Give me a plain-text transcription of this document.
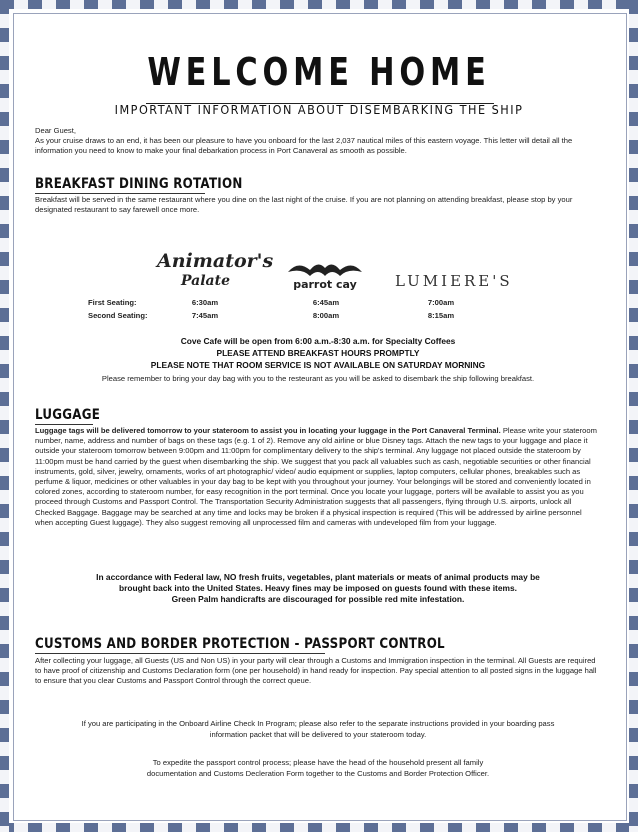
WELCOME HOME
IMPORTANT INFORMATION ABOUT DISEMBARKING THE SHIP
Dear Guest,
As your cruise draws to an end, it has been our pleasure to have you onboard for the last 2,037 nautical miles of this eastern voyage. This letter will detail all the information you need to know to make your final debarkation process in Port Canaveral as smooth as possible.
BREAKFAST DINING ROTATION
Breakfast will be served in the same restaurant where you dine on the last night of the cruise. If you are not planning on attending breakfast, please stop by your designated restaurant to say farewell once more.
Animator's
Palate	parrot cay	LUMIERE'S
First Seating:
Second Seating:
6:30am
7:45am
6:45am
8:00am
7:00am
8:15am
Cove Cafe will be open from 6:00 a.m.-8:30 a.m. for Specialty Coffees
PLEASE ATTEND BREAKFAST HOURS PROMPTLY
PLEASE NOTE THAT ROOM SERVICE IS NOT AVAILABLE ON SATURDAY MORNING
Please remember to bring your day bag with you to the resteurant as you will be asked to disembark the ship following breakfast.
LUGGAGE
Luggage tags will be delivered tomorrow to your stateroom to assist you in locating your luggage in the Port Canaveral Terminal. Please write your stateroom number, name, address and number of bags on these tags (e.g. 1 of 2). Remove any old airline or blue Disney tags. Attach the new tags to your luggage and place it outside your stateroom tomorrow between 9:00pm and 11:00pm for complimentary delivery to the ship's terminal. Any luggage not placed outside the stateroom by 11:00pm must be hand carried by the guest when disembarking the ship. We suggest that you pack all valuables such as cash, negotiable securities or other financial instruments, gold, silver, jewelry, ornaments, works of art photographic/ video/ audio equipment or supplies, laptop computers, cellular phones, breakables such as perfume & liquor, medicines or other valuables in your day bag to be kept with you throughout your journey. Your belongings will be stored and conveniently located in colored zones, according to stateroom number, for easy recognition in the port terminal. Once you locate your luggage, porters will be available to assist you as you proceed through Customs and Passport Control. The Transportation Security Administration suggests that all passengers, flying through U.S. airports, unlock all Checked Baggage. Baggage may be searched at any time and locks may be broken if a physical inspection is required (This will be addressed by airline personnel when accepting Guest luggage). They also suggest removing all unprocessed film and cameras with undeveloped film from your luggage.
In accordance with Federal law, NO fresh fruits, vegetables, plant materials or meats of animal products may be
brought back into the United States. Heavy fines may be imposed on guests found with these items.
Green Palm handicrafts are discouraged for possible red mite infestation.
CUSTOMS AND BORDER PROTECTION - PASSPORT CONTROL
After collecting your luggage, all Guests (US and Non US) in your party will clear through a Customs and Immigration inspection in the terminal. All Guests are required to have proof of citizenship and Customs Declaration form (one per household) in hand ready for inspection. Pay special attention to all posted signs in the luggage hall to ensure that you clear Customs and Passport Control through the correct queue.
If you are participating in the Onboard Airline Check In Program; please also refer to the separate instructions provided in your boarding pass
information packet that will be delivered to your stateroom today.
To expedite the passport control process; please have the head of the household present all family
documentation and Customs Decleration Form together to the Customs and Border Protection Officer.
